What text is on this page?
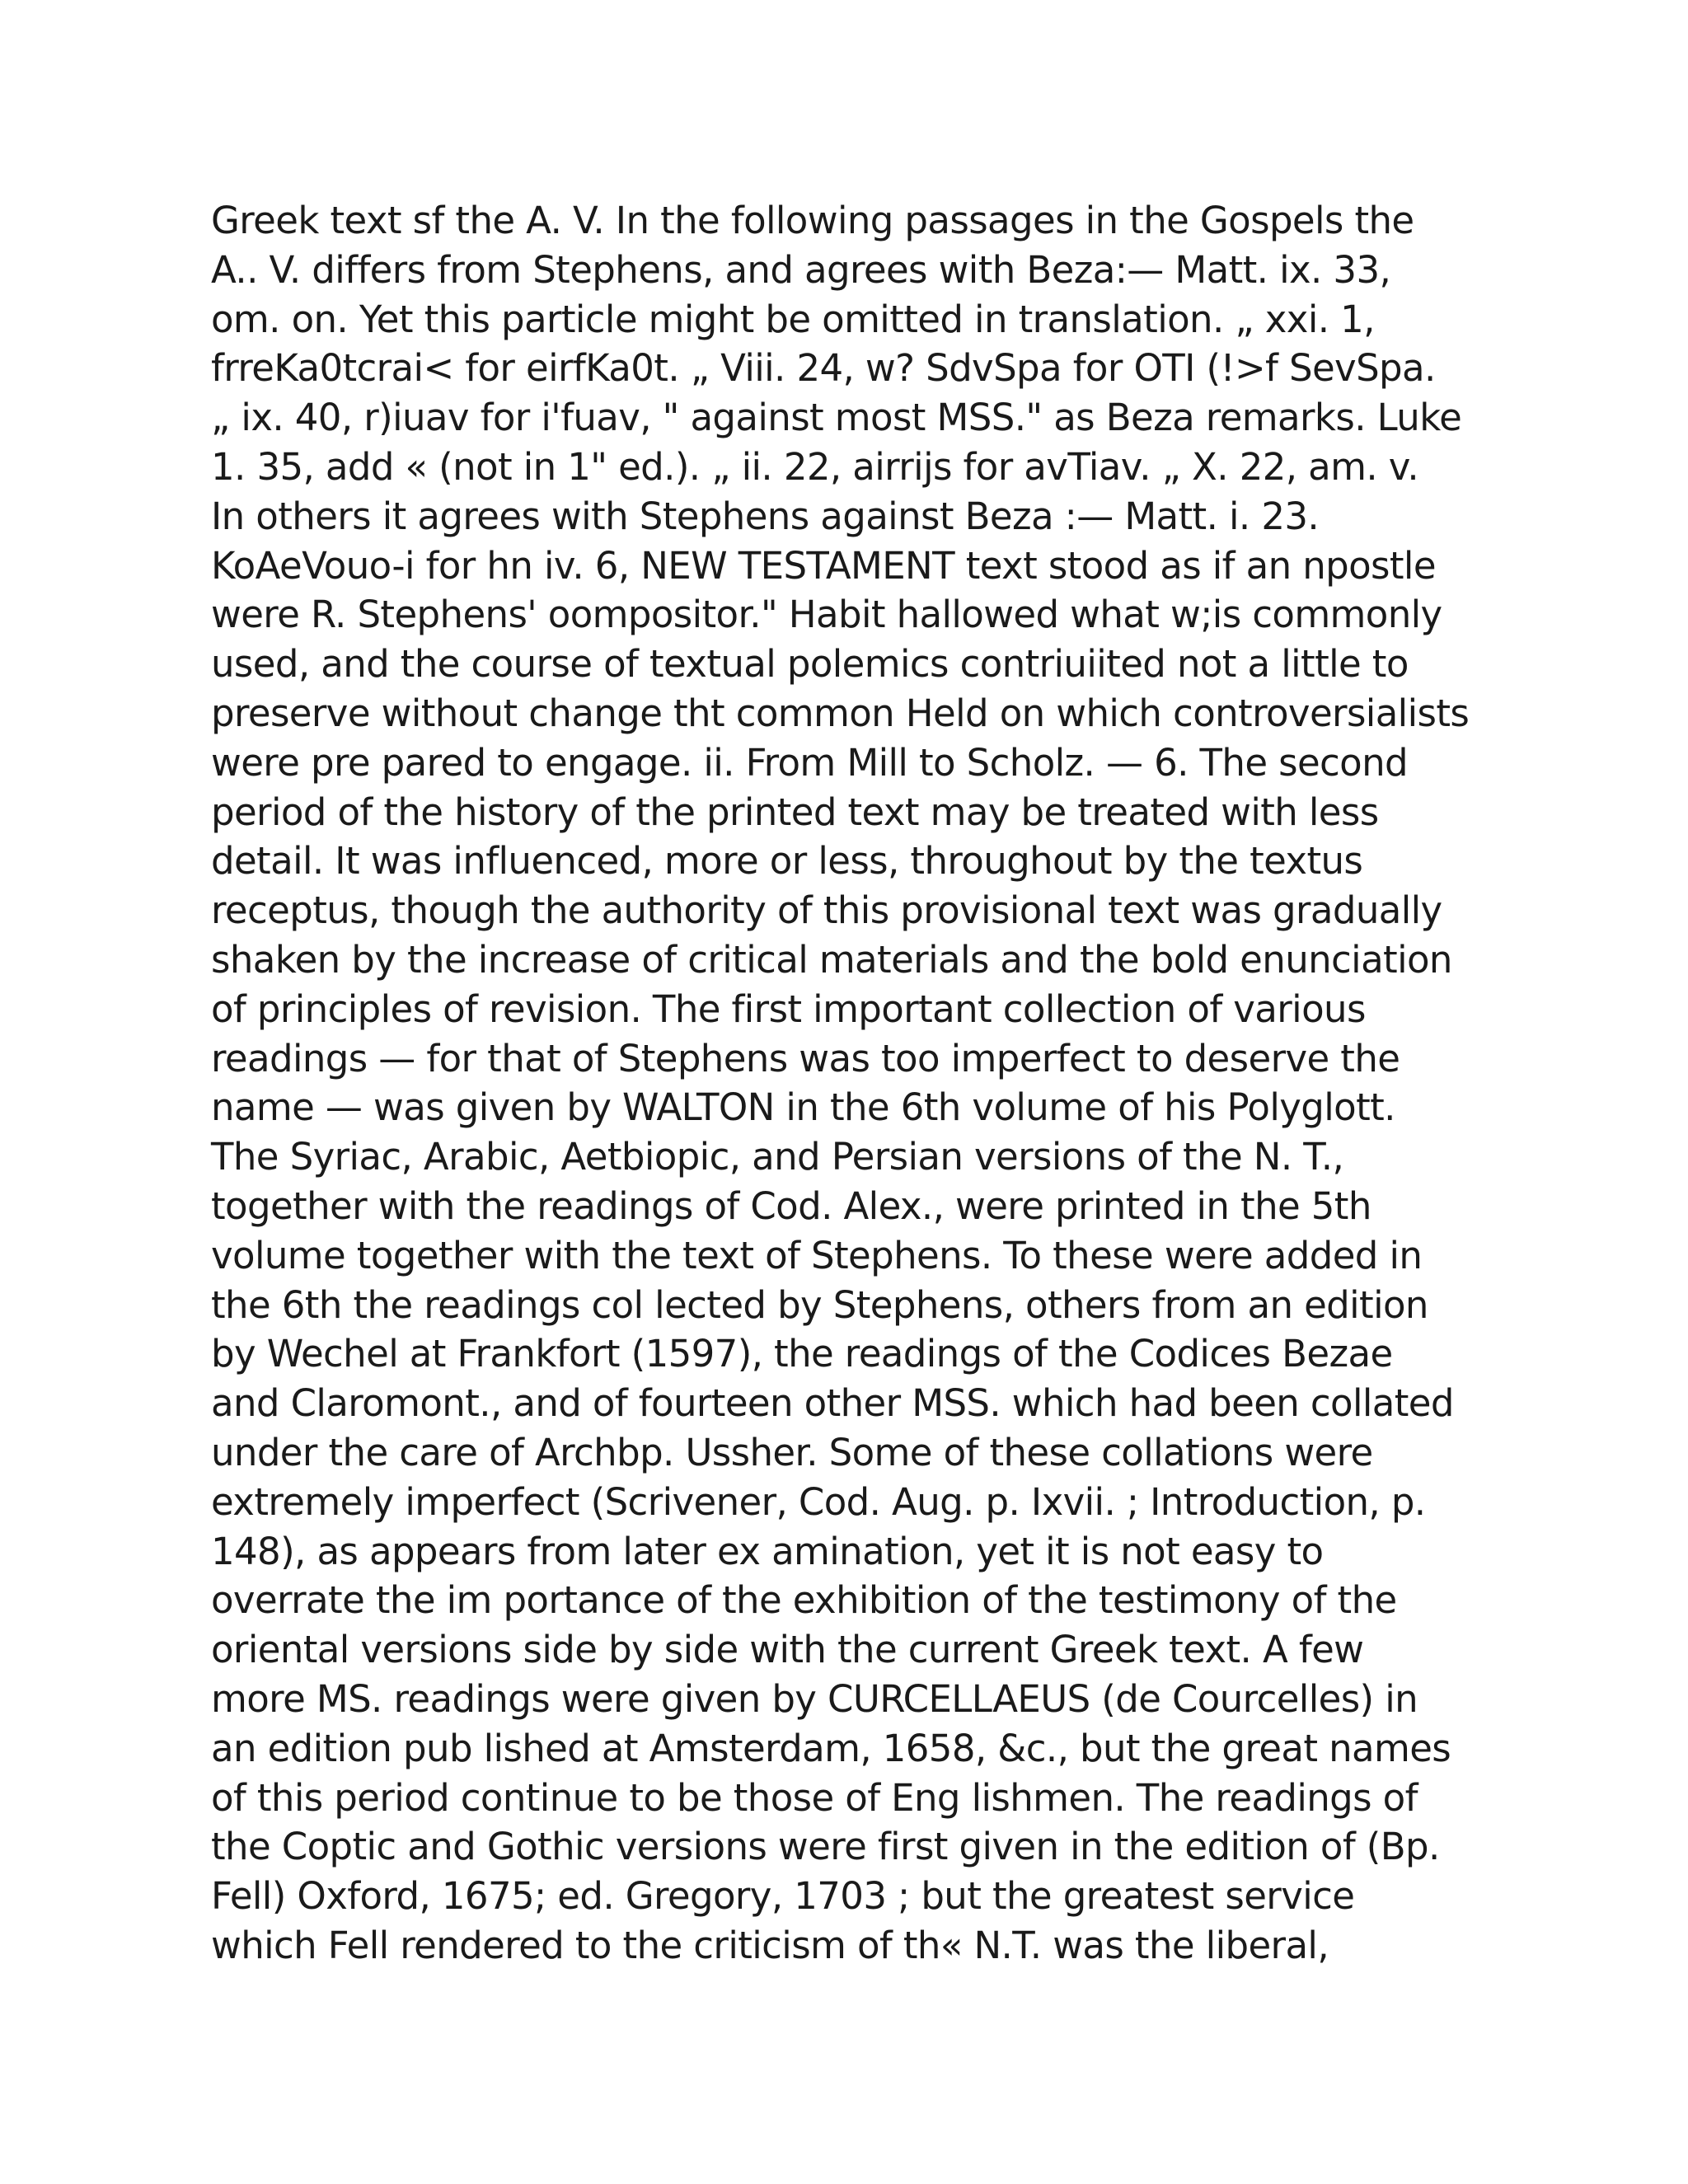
Greek text sf the A. V. In the following passages in the Gospels the
A.. V. differs from Stephens, and agrees with Beza:— Matt. ix. 33,
om. on. Yet this particle might be omitted in translation. „ xxi. 1,
frreKa0tcrai< for eirfKa0t. „ Viii. 24, w? SdvSpa for OTI (!>f SevSpa.
„ ix. 40, r)iuav for i'fuav, " against most MSS." as Beza remarks. Luke
1. 35, add « (not in 1" ed.). „ ii. 22, airrijs for avTiav. „ X. 22, am. v.
In others it agrees with Stephens against Beza :— Matt. i. 23.
KoAeVouo-i for hn iv. 6, NEW TESTAMENT text stood as if an npostle
were R. Stephens' oompositor." Habit hallowed what w;is commonly
used, and the course of textual polemics contriuiited not a little to
preserve without change tht common Held on which controversialists
were pre pared to engage. ii. From Mill to Scholz. — 6. The second
period of the history of the printed text may be treated with less
detail. It was influenced, more or less, throughout by the textus
receptus, though the authority of this provisional text was gradually
shaken by the increase of critical materials and the bold enunciation
of principles of revision. The first important collection of various
readings — for that of Stephens was too imperfect to deserve the
name — was given by WALTON in the 6th volume of his Polyglott.
The Syriac, Arabic, Aetbiopic, and Persian versions of the N. T.,
together with the readings of Cod. Alex., were printed in the 5th
volume together with the text of Stephens. To these were added in
the 6th the readings col lected by Stephens, others from an edition
by Wechel at Frankfort (1597), the readings of the Codices Bezae
and Claromont., and of fourteen other MSS. which had been collated
under the care of Archbp. Ussher. Some of these collations were
extremely imperfect (Scrivener, Cod. Aug. p. Ixvii. ; Introduction, p.
148), as appears from later ex amination, yet it is not easy to
overrate the im portance of the exhibition of the testimony of the
oriental versions side by side with the current Greek text. A few
more MS. readings were given by CURCELLAEUS (de Courcelles) in
an edition pub lished at Amsterdam, 1658, &c., but the great names
of this period continue to be those of Eng lishmen. The readings of
the Coptic and Gothic versions were first given in the edition of (Bp.
Fell) Oxford, 1675; ed. Gregory, 1703 ; but the greatest service
which Fell rendered to the criticism of th« N.T. was the liberal,
